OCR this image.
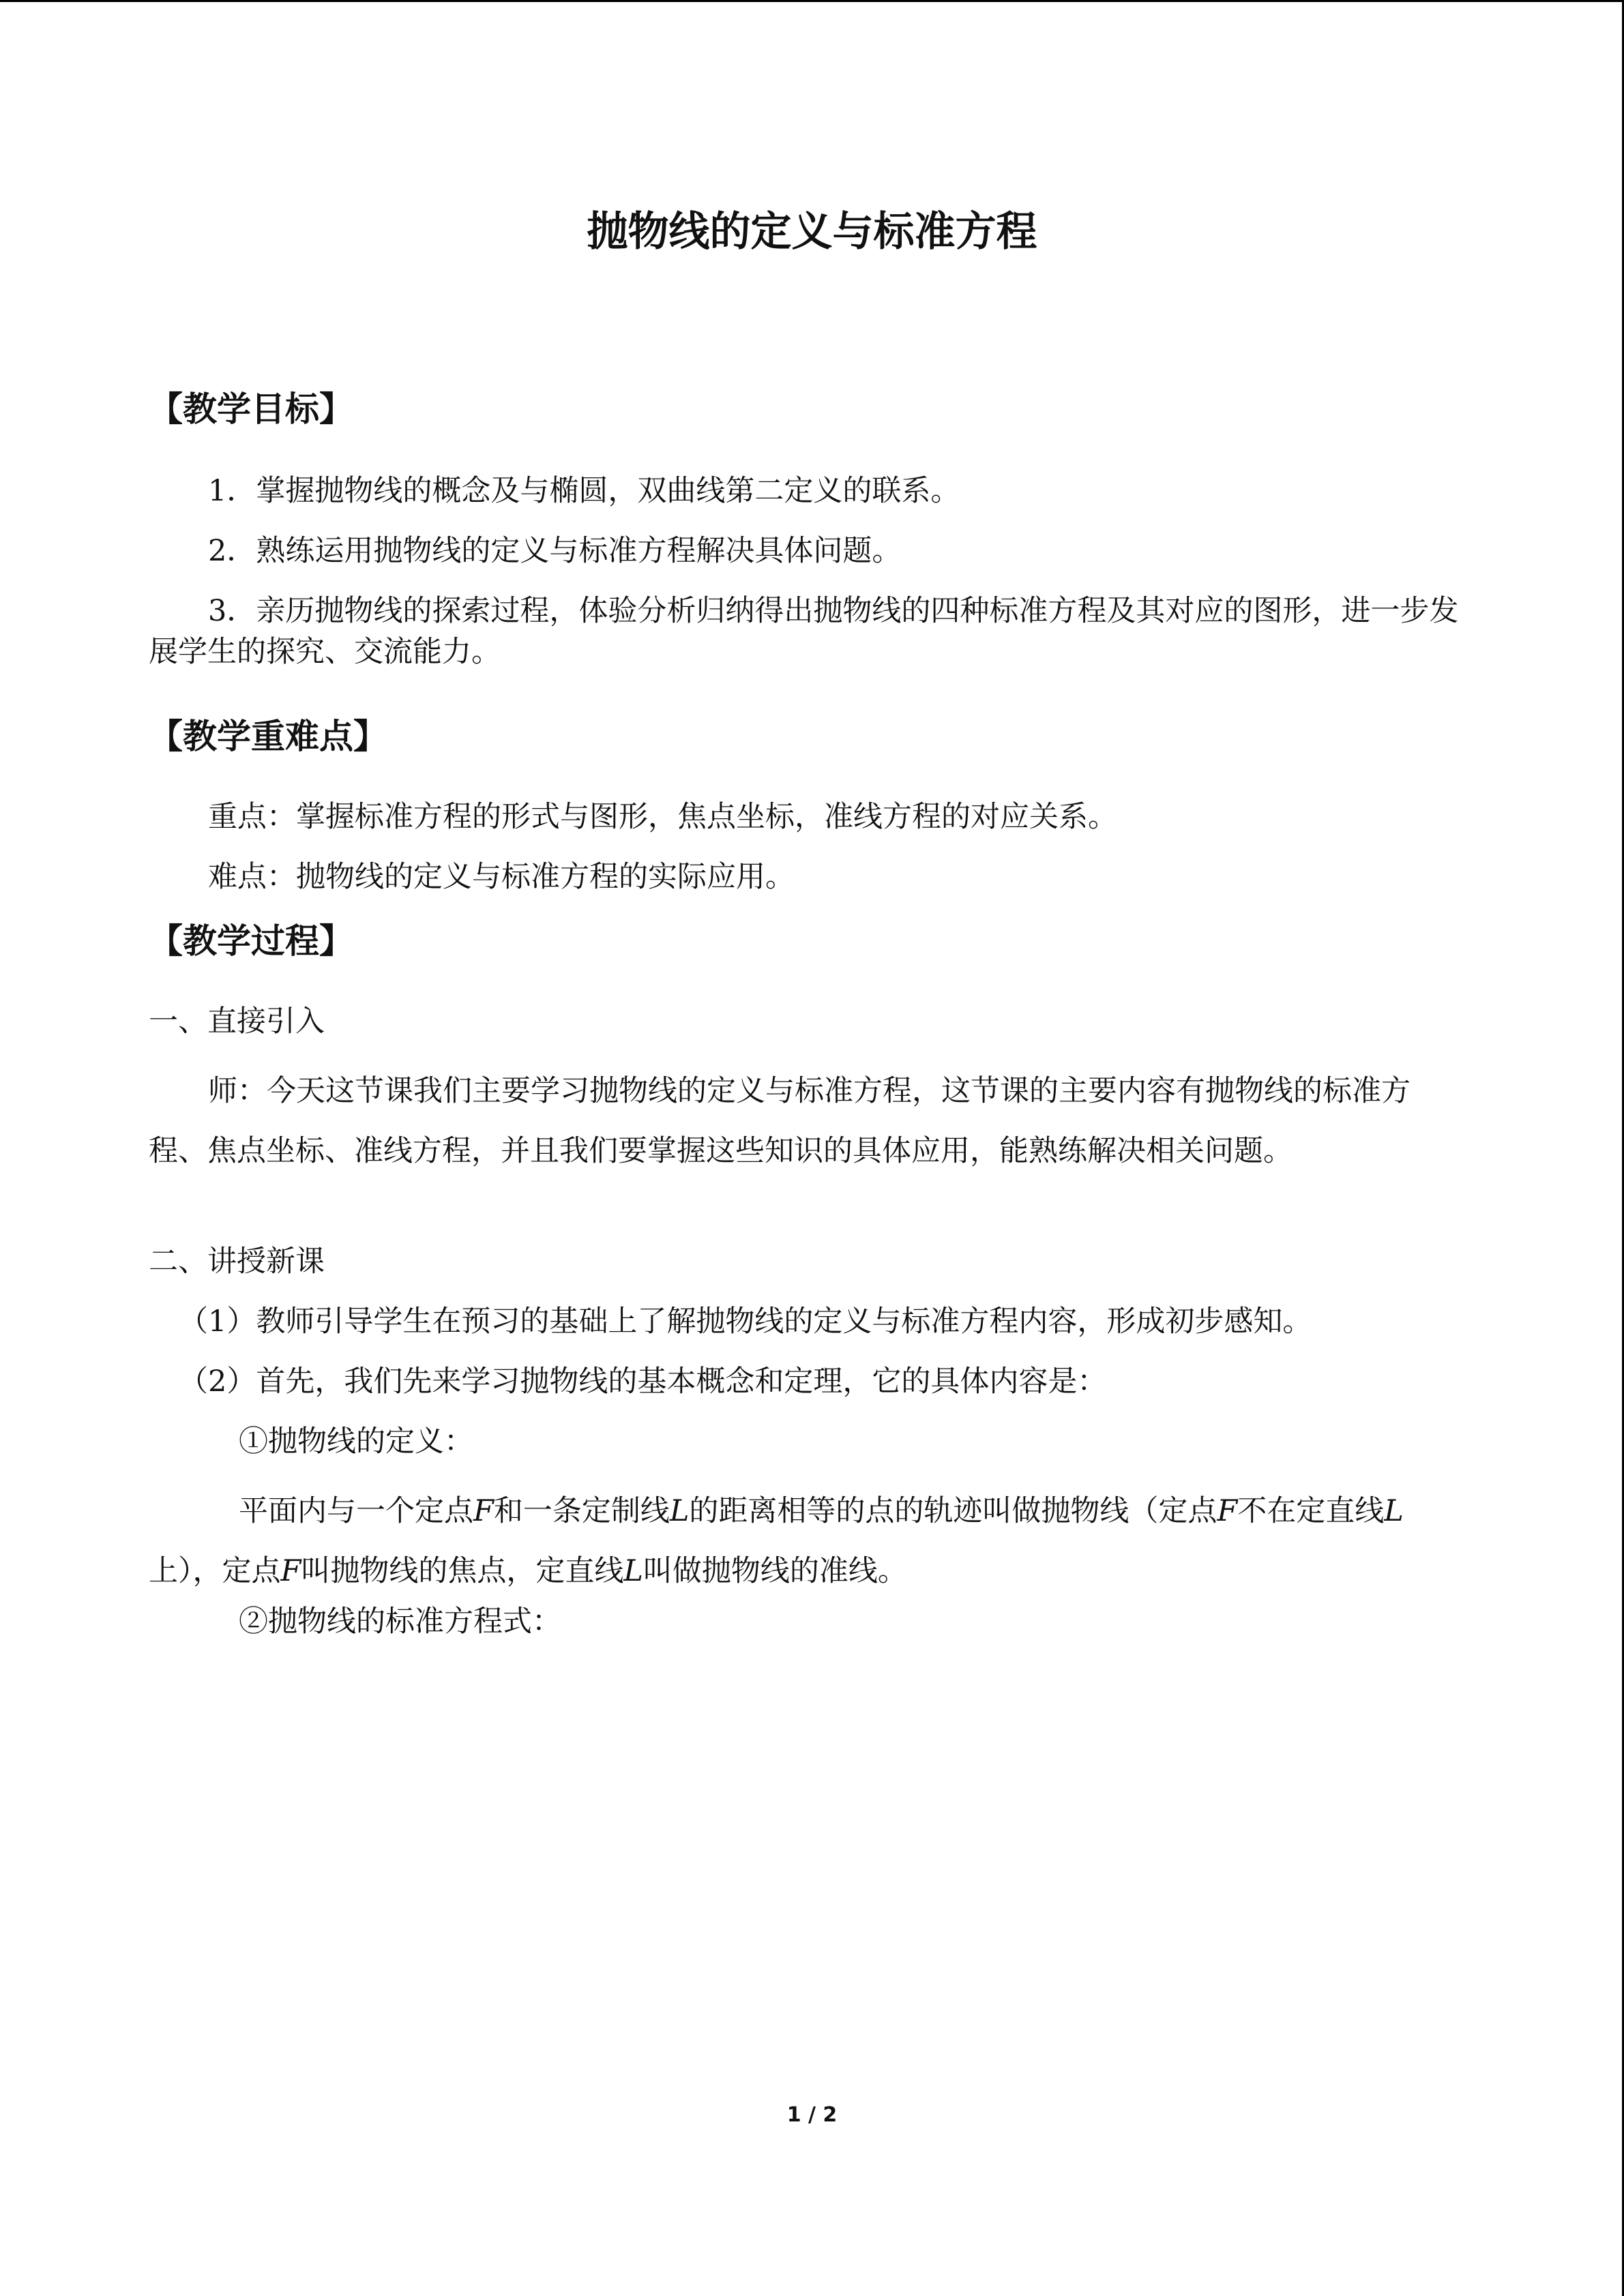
抛物线的定义与标准方程
【教学目标】

1．掌握抛物线的概念及与椭圆，双曲线第二定义的联系。

2．熟练运用抛物线的定义与标准方程解决具体问题。

3．亲历抛物线的探索过程，体验分析归纳得出抛物线的四种标准方程及其对应的图形，进一步发展学生的探究、交流能力。

【教学重难点】

重点：掌握标准方程的形式与图形，焦点坐标，准线方程的对应关系。

难点：抛物线的定义与标准方程的实际应用。

【教学过程】

一、直接引入

师：今天这节课我们主要学习抛物线的定义与标准方程，这节课的主要内容有抛物线的标准方程、焦点坐标、准线方程，并且我们要掌握这些知识的具体应用，能熟练解决相关问题。

二、讲授新课

（1）教师引导学生在预习的基础上了解抛物线的定义与标准方程内容，形成初步感知。

（2）首先，我们先来学习抛物线的基本概念和定理，它的具体内容是：

①抛物线的定义：

平面内与一个定点F和一条定制线L的距离相等的点的轨迹叫做抛物线（定点F不在定直线L上），定点F叫抛物线的焦点，定直线L叫做抛物线的准线。

②抛物线的标准方程式：

1 / 2
